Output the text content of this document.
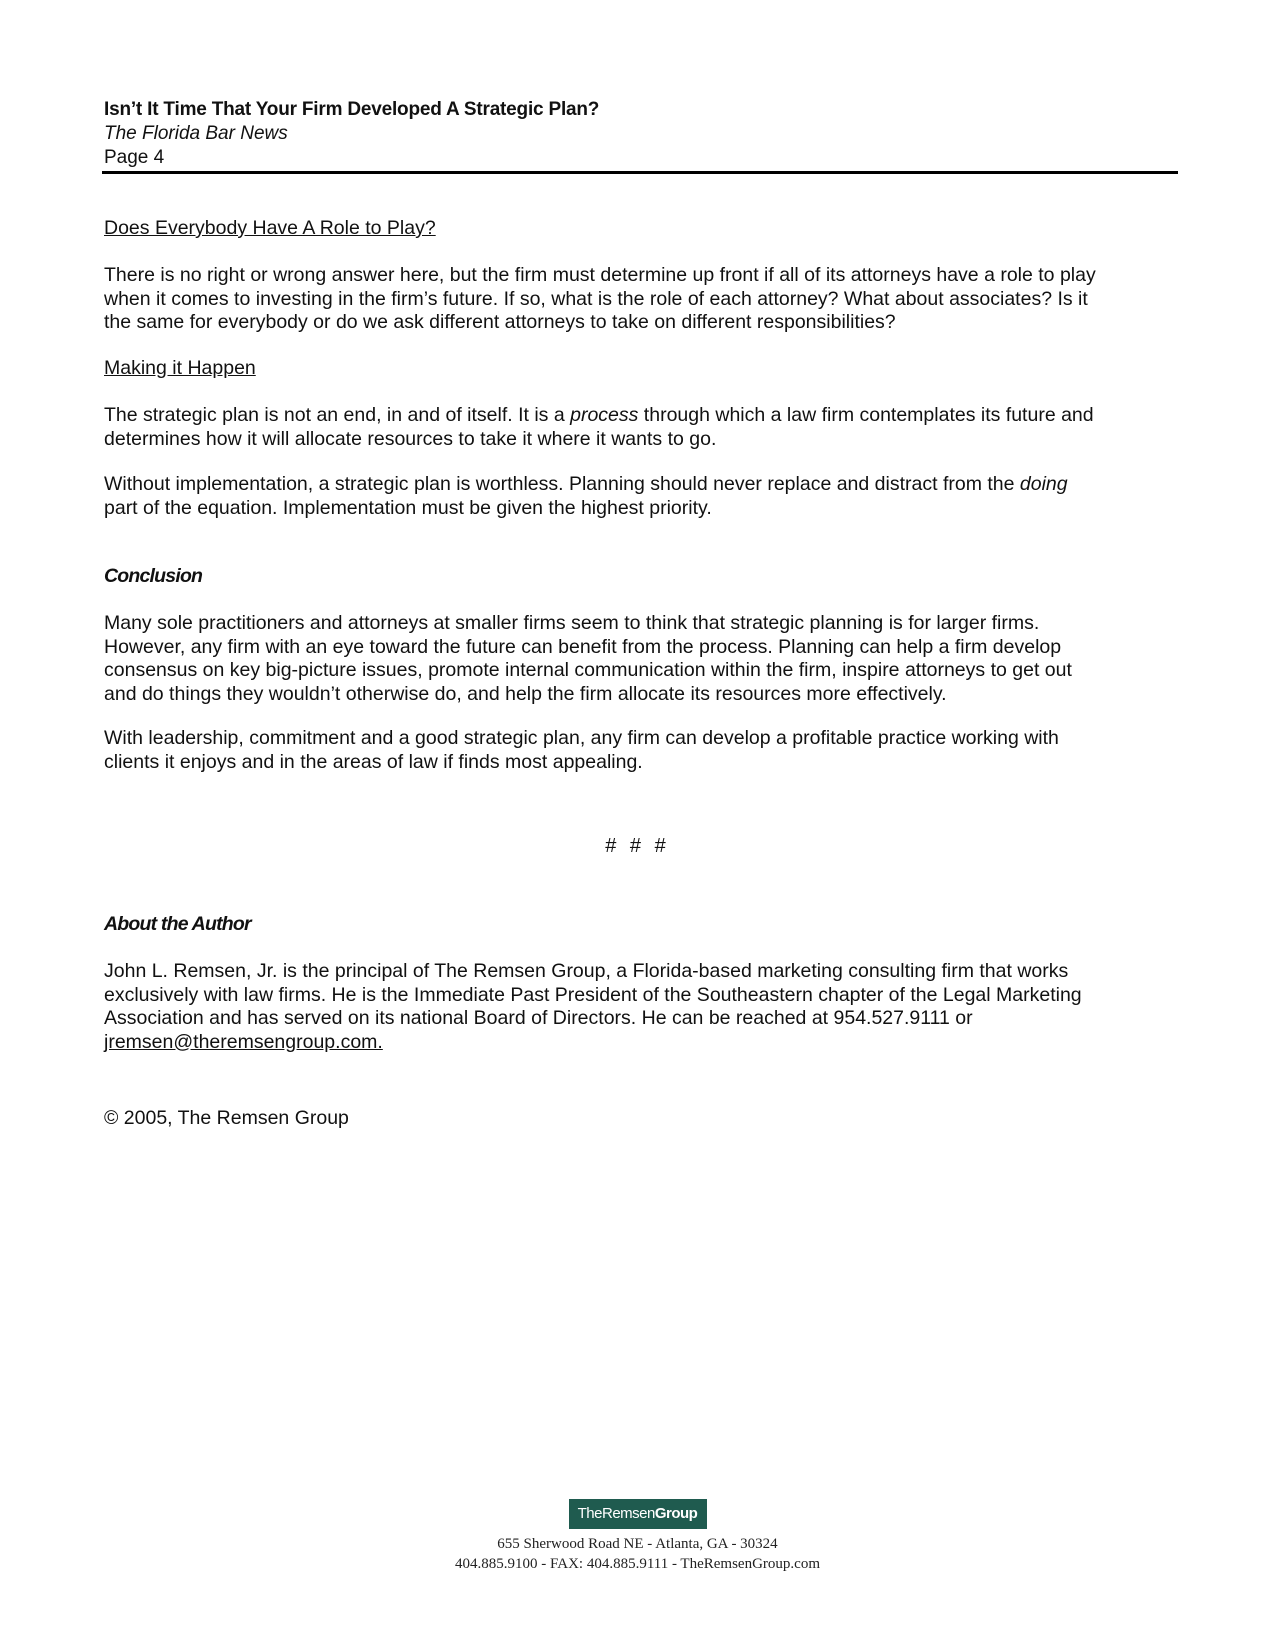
Isn’t It Time That Your Firm Developed A Strategic Plan?
The Florida Bar News
Page 4

Does Everybody Have A Role to Play?

There is no right or wrong answer here, but the firm must determine up front if all of its attorneys have a role to play

when it comes to investing in the firm’s future. If so, what is the role of each attorney? What about associates? Is it

the same for everybody or do we ask different attorneys to take on different responsibilities?

Making it Happen

The strategic plan is not an end, in and of itself. It is a process through which a law firm contemplates its future and

determines how it will allocate resources to take it where it wants to go.

Without implementation, a strategic plan is worthless. Planning should never replace and distract from the doing

part of the equation. Implementation must be given the highest priority.

Conclusion

Many sole practitioners and attorneys at smaller firms seem to think that strategic planning is for larger firms.

However, any firm with an eye toward the future can benefit from the process. Planning can help a firm develop

consensus on key big-picture issues, promote internal communication within the firm, inspire attorneys to get out

and do things they wouldn’t otherwise do, and help the firm allocate its resources more effectively.

With leadership, commitment and a good strategic plan, any firm can develop a profitable practice working with

clients it enjoys and in the areas of law if finds most appealing.

# # #

About the Author

John L. Remsen, Jr. is the principal of The Remsen Group, a Florida-based marketing consulting firm that works

exclusively with law firms. He is the Immediate Past President of the Southeastern chapter of the Legal Marketing

Association and has served on its national Board of Directors. He can be reached at 954.527.9111 or

jremsen@theremsengroup.com.

© 2005, The Remsen Group

TheRemsenGroup
655 Sherwood Road NE - Atlanta, GA - 30324
404.885.9100 - FAX: 404.885.9111 - TheRemsenGroup.com
